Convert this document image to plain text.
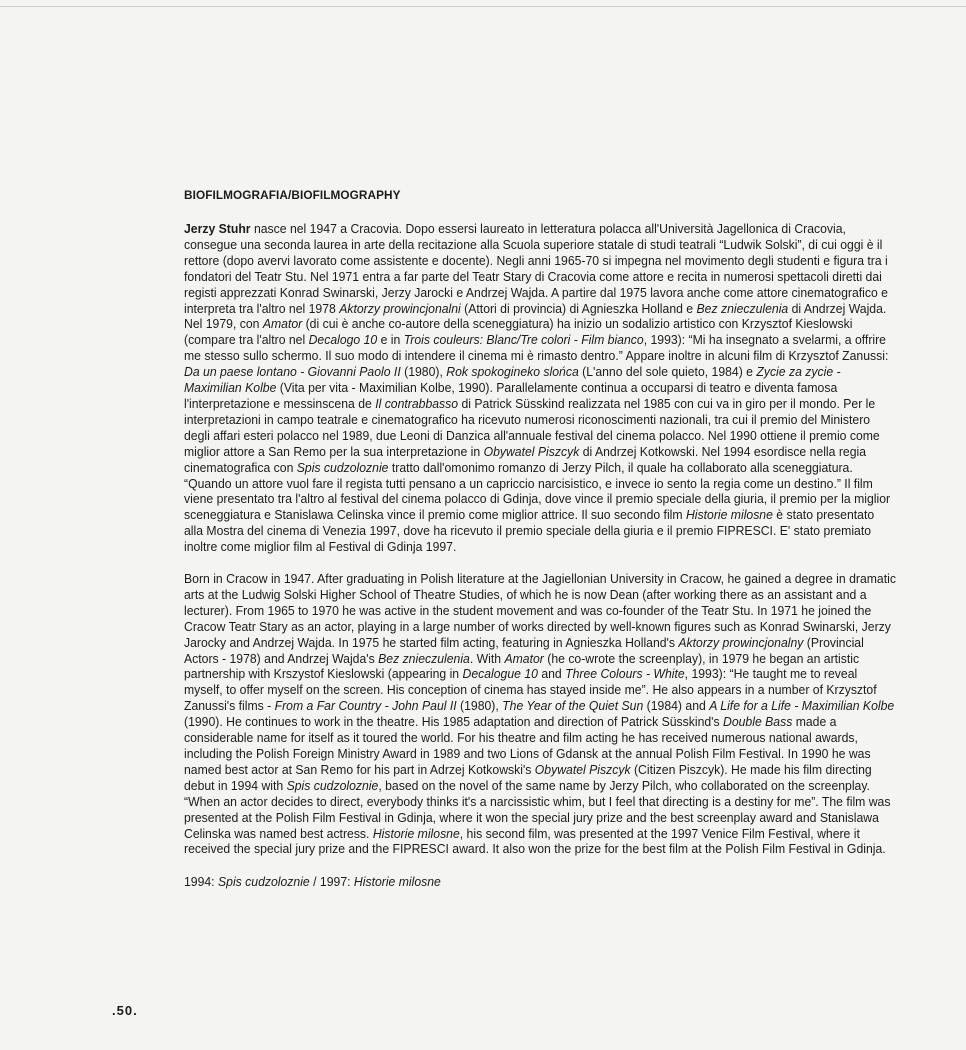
BIOFILMOGRAFIA/BIOFILMOGRAPHY

Jerzy Stuhr nasce nel 1947 a Cracovia. Dopo essersi laureato in letteratura polacca all'Università Jagellonica di Cracovia, consegue una seconda laurea in arte della recitazione alla Scuola superiore statale di studi teatrali “Ludwik Solski”, di cui oggi è il rettore (dopo avervi lavorato come assistente e docente). Negli anni 1965-70 si impegna nel movimento degli studenti e figura tra i fondatori del Teatr Stu. Nel 1971 entra a far parte del Teatr Stary di Cracovia come attore e recita in numerosi spettacoli diretti dai registi apprezzati Konrad Swinarski, Jerzy Jarocki e Andrzej Wajda. A partire dal 1975 lavora anche come attore cinematografico e interpreta tra l'altro nel 1978 Aktorzy prowincjonalni (Attori di provincia) di Agnieszka Holland e Bez znieczulenia di Andrzej Wajda. Nel 1979, con Amator (di cui è anche co-autore della sceneggiatura) ha inizio un sodalizio artistico con Krzysztof Kieslowski (compare tra l'altro nel Decalogo 10 e in Trois couleurs: Blanc/Tre colori - Film bianco, 1993): “Mi ha insegnato a svelarmi, a offrire me stesso sullo schermo. Il suo modo di intendere il cinema mi è rimasto dentro.” Appare inoltre in alcuni film di Krzysztof Zanussi: Da un paese lontano - Giovanni Paolo II (1980), Rok spokogineko slońca (L'anno del sole quieto, 1984) e Zycie za zycie - Maximilian Kolbe (Vita per vita - Maximilian Kolbe, 1990). Parallelamente continua a occuparsi di teatro e diventa famosa l'interpretazione e messinscena de Il contrabbasso di Patrick Süsskind realizzata nel 1985 con cui va in giro per il mondo. Per le interpretazioni in campo teatrale e cinematografico ha ricevuto numerosi riconoscimenti nazionali, tra cui il premio del Ministero degli affari esteri polacco nel 1989, due Leoni di Danzica all'annuale festival del cinema polacco. Nel 1990 ottiene il premio come miglior attore a San Remo per la sua interpretazione in Obywatel Piszcyk di Andrzej Kotkowski. Nel 1994 esordisce nella regia cinematografica con Spis cudzoloznie tratto dall'omonimo romanzo di Jerzy Pilch, il quale ha collaborato alla sceneggiatura. “Quando un attore vuol fare il regista tutti pensano a un capriccio narcisistico, e invece io sento la regia come un destino.” Il film viene presentato tra l'altro al festival del cinema polacco di Gdinja, dove vince il premio speciale della giuria, il premio per la miglior sceneggiatura e Stanislawa Celinska vince il premio come miglior attrice. Il suo secondo film Historie milosne è stato presentato alla Mostra del cinema di Venezia 1997, dove ha ricevuto il premio speciale della giuria e il premio FIPRESCI. E' stato premiato inoltre come miglior film al Festival di Gdinja 1997.

Born in Cracow in 1947. After graduating in Polish literature at the Jagiellonian University in Cracow, he gained a degree in dramatic arts at the Ludwig Solski Higher School of Theatre Studies, of which he is now Dean (after working there as an assistant and a lecturer). From 1965 to 1970 he was active in the student movement and was co-founder of the Teatr Stu. In 1971 he joined the Cracow Teatr Stary as an actor, playing in a large number of works directed by well-known figures such as Konrad Swinarski, Jerzy Jarocky and Andrzej Wajda. In 1975 he started film acting, featuring in Agnieszka Holland's Aktorzy prowincjonalny (Provincial Actors - 1978) and Andrzej Wajda's Bez znieczulenia. With Amator (he co-wrote the screenplay), in 1979 he began an artistic partnership with Krszystof Kieslowski (appearing in Decalogue 10 and Three Colours - White, 1993): “He taught me to reveal myself, to offer myself on the screen. His conception of cinema has stayed inside me”. He also appears in a number of Krzysztof Zanussi's films - From a Far Country - John Paul II (1980), The Year of the Quiet Sun (1984) and A Life for a Life - Maximilian Kolbe (1990). He continues to work in the theatre. His 1985 adaptation and direction of Patrick Süsskind's Double Bass made a considerable name for itself as it toured the world. For his theatre and film acting he has received numerous national awards, including the Polish Foreign Ministry Award in 1989 and two Lions of Gdansk at the annual Polish Film Festival. In 1990 he was named best actor at San Remo for his part in Adrzej Kotkowski's Obywatel Piszcyk (Citizen Piszcyk). He made his film directing debut in 1994 with Spis cudzoloznie, based on the novel of the same name by Jerzy Pilch, who collaborated on the screenplay. “When an actor decides to direct, everybody thinks it's a narcissistic whim, but I feel that directing is a destiny for me”. The film was presented at the Polish Film Festival in Gdinja, where it won the special jury prize and the best screenplay award and Stanislawa Celinska was named best actress. Historie milosne, his second film, was presented at the 1997 Venice Film Festival, where it received the special jury prize and the FIPRESCI award. It also won the prize for the best film at the Polish Film Festival in Gdinja.

1994: Spis cudzoloznie / 1997: Historie milosne
.50.
